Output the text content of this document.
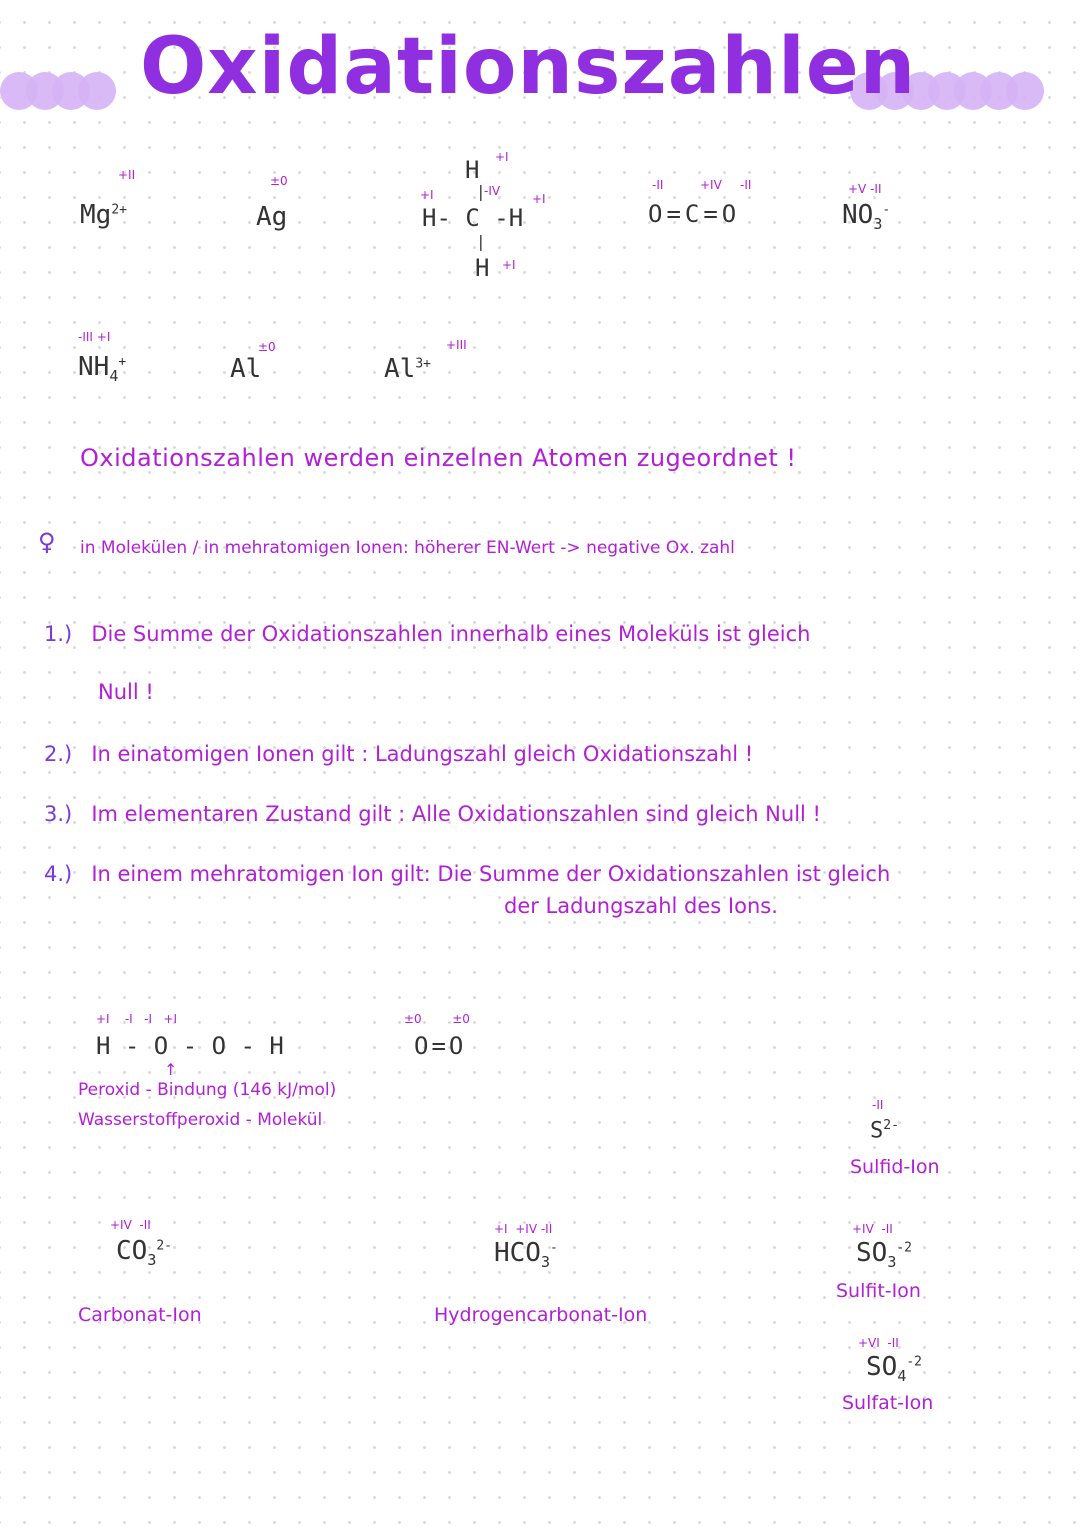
Oxidationszahlen
+II
$Mg^{2+}$
±0
Ag
H +I
+I	-IV
+I
H- C -H
|
|
H +I
-II	+IV -II
O=C=O
+V -II
$NO_3^-$
-III +I
$NH_4^+$
±0
Al	$Al^{3+}$
+III
Oxidationszahlen werden einzelnen Atomen zugeordnet !
♀ in Molekülen / in mehratomigen Ionen: höherer EN-Wert -> negative Ox. zahl
1.) Die Summe der Oxidationszahlen innerhalb eines Moleküls ist gleich
Null !
2.) In einatomigen Ionen gilt : Ladungszahl gleich Oxidationszahl !
3.) Im elementaren Zustand gilt : Alle Oxidationszahlen sind gleich Null !
4.) In einem mehratomigen Ion gilt: Die Summe der Oxidationszahlen ist gleich
der Ladungszahl des Ions.
+I    -I   -I   +I
H - O - O - H
↑
Peroxid - Bindung (146 kJ/mol)
Wasserstoffperoxid - Molekül
±0        ±0
O=O
-II
$S^{2-}$
Sulfid-Ion
+IV  -II
$CO_3^{2-}$
Carbonat-Ion
+I  +IV -II
$HCO_3^-$
Hydrogencarbonat-Ion
+IV  -II
$SO_3^{-2}$
Sulfit-Ion
+VI  -II
$SO_4^{-2}$
Sulfat-Ion
